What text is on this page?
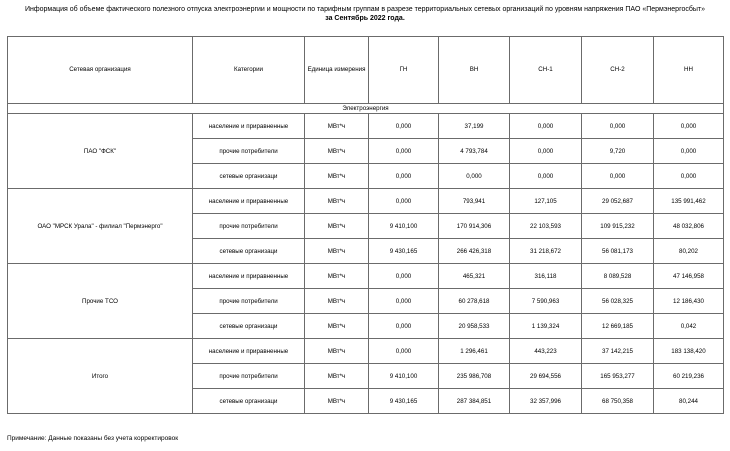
Информация об объеме фактического полезного отпуска электроэнергии и мощности по тарифным группам в разрезе территориальных сетевых организаций по уровням напряжения ПАО «Пермэнергосбыт»
за Сентябрь 2022 года.
Сетевая организация	Категории	Единица измерения	ГН	ВН	СН-1	СН-2	НН
Электроэнергия							
ПАО "ФСК"	население и приравненные	МВт*ч	0,000	37,199	0,000	0,000	0,000
	прочие потребители	МВт*ч	0,000	4 793,784	0,000	9,720	0,000
	сетевые организаци	МВт*ч	0,000	0,000	0,000	0,000	0,000
ОАО "МРСК Урала" - филиал "Пермэнерго"	население и приравненные	МВт*ч	0,000	793,941	127,105	29 052,687	135 991,462
	прочие потребители	МВт*ч	9 410,100	170 914,306	22 103,593	109 915,232	48 032,806
	сетевые организаци	МВт*ч	9 430,165	266 426,318	31 218,672	56 081,173	80,202
Прочие ТСО	население и приравненные	МВт*ч	0,000	465,321	316,118	8 089,528	47 146,958
	прочие потребители	МВт*ч	0,000	60 278,618	7 590,963	56 028,325	12 186,430
	сетевые организаци	МВт*ч	0,000	20 958,533	1 139,324	12 669,185	0,042
Итого	население и приравненные	МВт*ч	0,000	1 296,461	443,223	37 142,215	183 138,420
	прочие потребители	МВт*ч	9 410,100	235 986,708	29 694,556	165 953,277	60 219,236
	сетевые организаци	МВт*ч	9 430,165	287 384,851	32 357,996	68 750,358	80,244
Примечание: Данные показаны без учета корректировок
